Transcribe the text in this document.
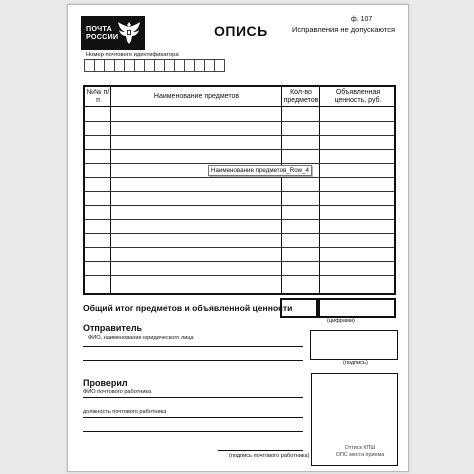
ПОЧТА
РОССИИ	ОПИСЬ
ф. 107
Исправления не допускаются
Номер почтового идентификатора
№№ п/п
Наименование предметов
Кол-во предметов
Объявленная ценность, руб.
Наименование предметов_Row_4
Общий итог предметов и объявленной ценности
(цифрами)
Отправитель
ФИО, наименование юридического лица
(подпись)
Проверил
ФИО почтового работника
должность почтового работника
(подпись почтового работника)
Оттиск КПШ
ОПС места приема
